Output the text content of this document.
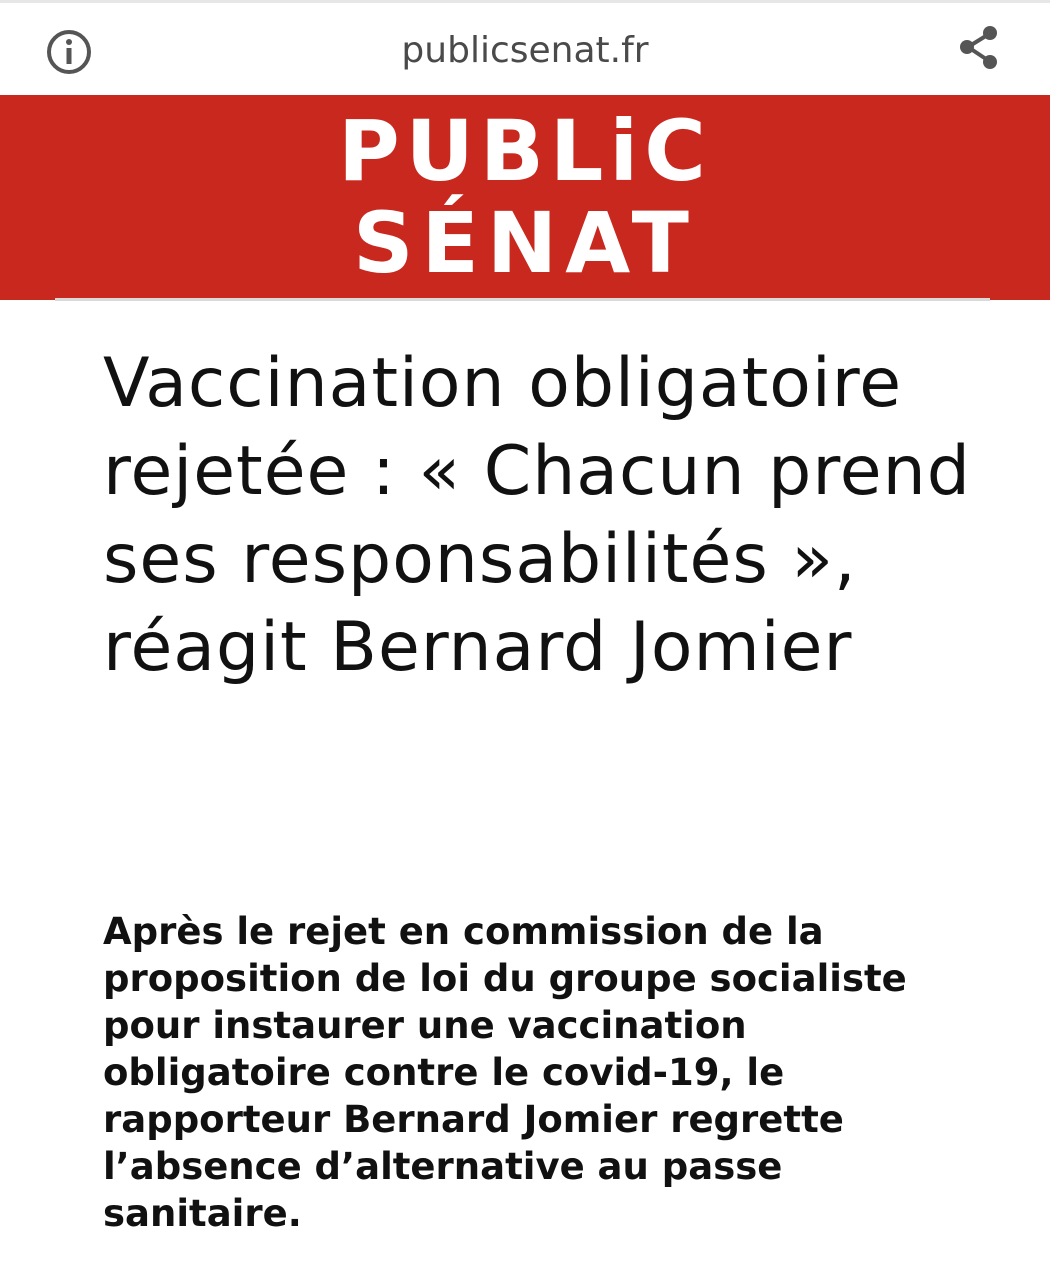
publicsenat.fr
PUBLiC
SÉNAT
Vaccination obligatoire rejetée : « Chacun prend ses responsabilités », réagit Bernard Jomier

Après le rejet en commission de la proposition de loi du groupe socialiste pour instaurer une vaccination obligatoire contre le covid-19, le rapporteur Bernard Jomier regrette l’absence d’alternative au passe sanitaire.
